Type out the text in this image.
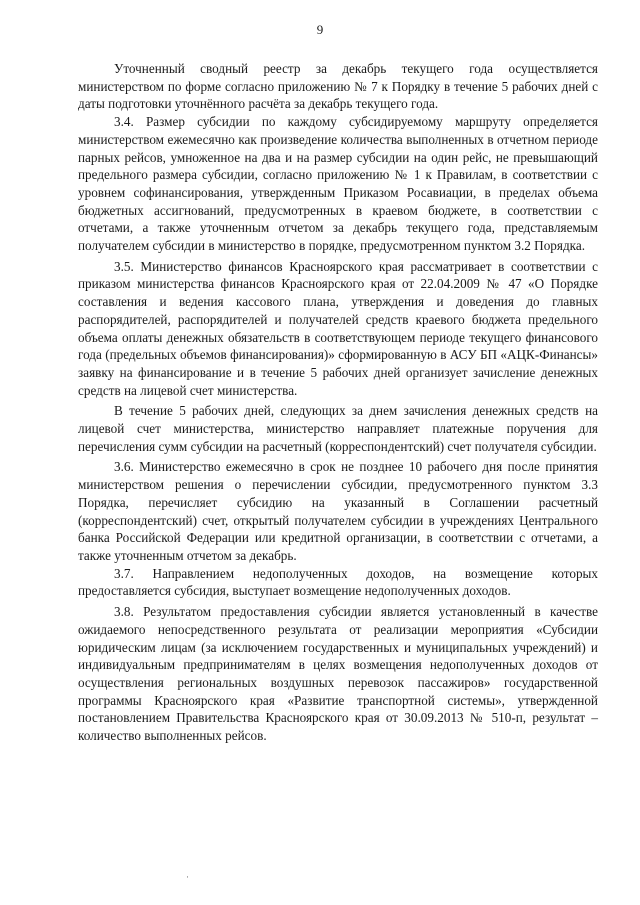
9

Уточненный сводный реестр за декабрь текущего года осуществляется министерством по форме согласно приложению № 7 к Порядку в течение 5 рабочих дней с даты подготовки уточнённого расчёта за декабрь текущего года.

3.4. Размер субсидии по каждому субсидируемому маршруту определяется министерством ежемесячно как произведение количества выполненных в отчетном периоде парных рейсов, умноженное на два и на размер субсидии на один рейс, не превышающий предельного размера субсидии, согласно приложению № 1 к Правилам, в соответствии с уровнем софинансирования, утвержденным Приказом Росавиации, в пределах объема бюджетных ассигнований, предусмотренных в краевом бюджете, в соответствии с отчетами, а также уточненным отчетом за декабрь текущего года, представляемым получателем субсидии в министерство в порядке, предусмотренном пунктом 3.2 Порядка.

3.5. Министерство финансов Красноярского края рассматривает в соответствии с приказом министерства финансов Красноярского края от 22.04.2009 № 47 «О Порядке составления и ведения кассового плана, утверждения и доведения до главных распорядителей, распорядителей и получателей средств краевого бюджета предельного объема оплаты денежных обязательств в соответствующем периоде текущего финансового года (предельных объемов финансирования)» сформированную в АСУ БП «АЦК-Финансы» заявку на финансирование и в течение 5 рабочих дней организует зачисление денежных средств на лицевой счет министерства.

В течение 5 рабочих дней, следующих за днем зачисления денежных средств на лицевой счет министерства, министерство направляет платежные поручения для перечисления сумм субсидии на расчетный (корреспондентский) счет получателя субсидии.

3.6. Министерство ежемесячно в срок не позднее 10 рабочего дня после принятия министерством решения о перечислении субсидии, предусмотренного пунктом 3.3 Порядка, перечисляет субсидию на указанный в Соглашении расчетный (корреспондентский) счет, открытый получателем субсидии в учреждениях Центрального банка Российской Федерации или кредитной организации, в соответствии с отчетами, а также уточненным отчетом за декабрь.

3.7. Направлением недополученных доходов, на возмещение которых предоставляется субсидия, выступает возмещение недополученных доходов.

3.8. Результатом предоставления субсидии является установленный в качестве ожидаемого непосредственного результата от реализации мероприятия «Субсидии юридическим лицам (за исключением государственных и муниципальных учреждений) и индивидуальным предпринимателям в целях возмещения недополученных доходов от осуществления региональных воздушных перевозок пассажиров» государственной программы Красноярского края «Развитие транспортной системы», утвержденной постановлением Правительства Красноярского края от 30.09.2013 № 510-п, результат – количество выполненных рейсов.

·
